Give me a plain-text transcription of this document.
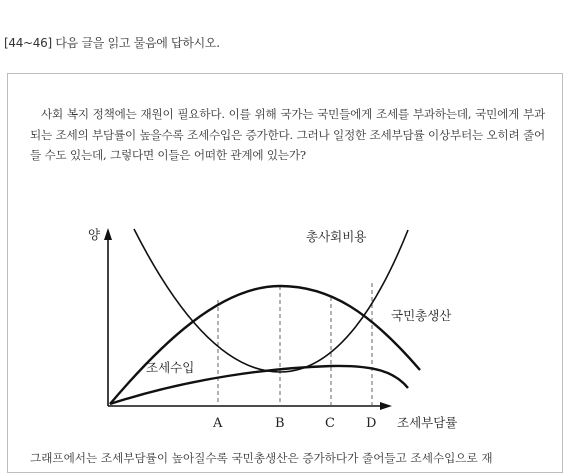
[44~46] 다음 글을 읽고 물음에 답하시오.
사회 복지 정책에는 재원이 필요하다. 이를 위해 국가는 국민들에게 조세를 부과하는데, 국민에게 부과되는 조세의 부담률이 높을수록 조세수입은 증가한다. 그러나 일정한 조세부담률 이상부터는 오히려 줄어들 수도 있는데, 그렇다면 이들은 어떠한 관계에 있는가?
그래프에서는 조세부담률이 높아질수록 국민총생산은 증가하다가 줄어들고 조세수입으로 재
양
조세부담률
총사회비용
국민총생산
조세수입
A	B	C D
